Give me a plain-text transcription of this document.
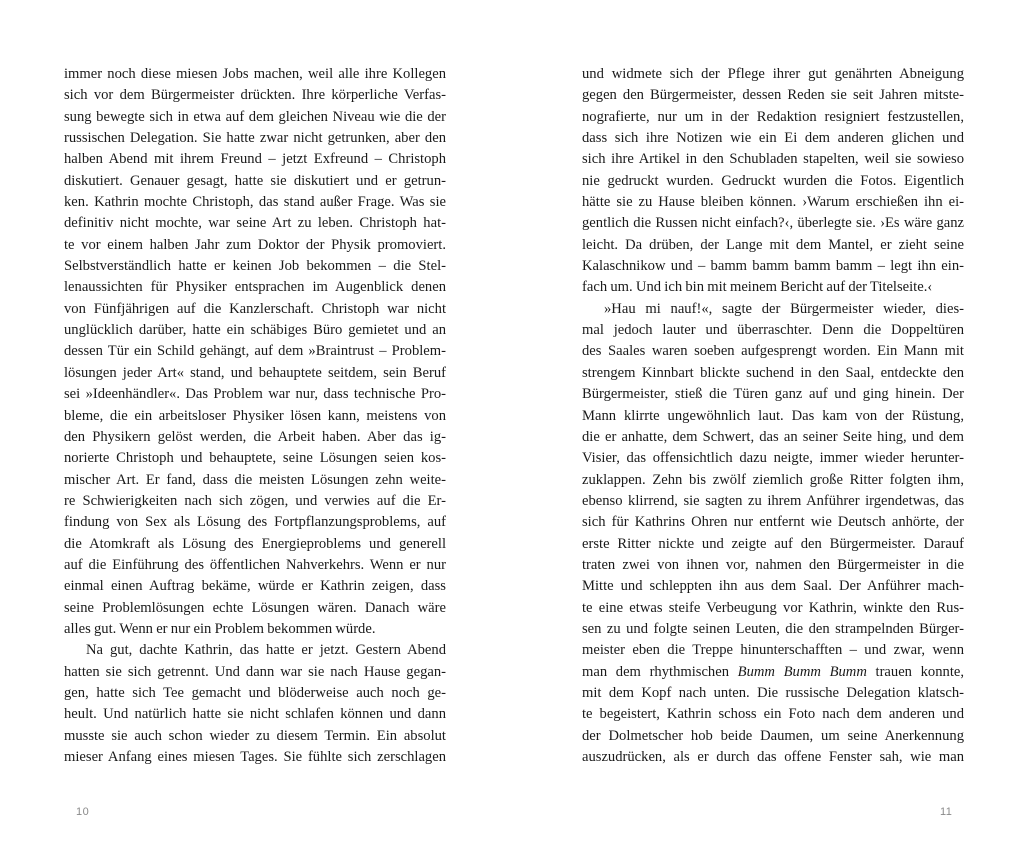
immer noch diese miesen Jobs machen, weil alle ihre Kollegen
sich vor dem Bürgermeister drückten. Ihre körperliche Verfas-
sung bewegte sich in etwa auf dem gleichen Niveau wie die der
russischen Delegation. Sie hatte zwar nicht getrunken, aber den
halben Abend mit ihrem Freund – jetzt Exfreund – Christoph
diskutiert. Genauer gesagt, hatte sie diskutiert und er getrun-
ken. Kathrin mochte Christoph, das stand außer Frage. Was sie
definitiv nicht mochte, war seine Art zu leben. Christoph hat-
te vor einem halben Jahr zum Doktor der Physik promoviert.
Selbstverständlich hatte er keinen Job bekommen – die Stel-
lenaussichten für Physiker entsprachen im Augenblick denen
von Fünfjährigen auf die Kanzlerschaft. Christoph war nicht
unglücklich darüber, hatte ein schäbiges Büro gemietet und an
dessen Tür ein Schild gehängt, auf dem »Braintrust – Problem-
lösungen jeder Art« stand, und behauptete seitdem, sein Beruf
sei »Ideenhändler«. Das Problem war nur, dass technische Pro-
bleme, die ein arbeitsloser Physiker lösen kann, meistens von
den Physikern gelöst werden, die Arbeit haben. Aber das ig-
norierte Christoph und behauptete, seine Lösungen seien kos-
mischer Art. Er fand, dass die meisten Lösungen zehn weite-
re Schwierigkeiten nach sich zögen, und verwies auf die Er-
findung von Sex als Lösung des Fortpflanzungsproblems, auf
die Atomkraft als Lösung des Energieproblems und generell
auf die Einführung des öffentlichen Nahverkehrs. Wenn er nur
einmal einen Auftrag bekäme, würde er Kathrin zeigen, dass
seine Problemlösungen echte Lösungen wären. Danach wäre
alles gut. Wenn er nur ein Problem bekommen würde.
Na gut, dachte Kathrin, das hatte er jetzt. Gestern Abend
hatten sie sich getrennt. Und dann war sie nach Hause gegan-
gen, hatte sich Tee gemacht und blöderweise auch noch ge-
heult. Und natürlich hatte sie nicht schlafen können und dann
musste sie auch schon wieder zu diesem Termin. Ein absolut
mieser Anfang eines miesen Tages. Sie fühlte sich zerschlagen
und widmete sich der Pflege ihrer gut genährten Abneigung
gegen den Bürgermeister, dessen Reden sie seit Jahren mitste-
nografierte, nur um in der Redaktion resigniert festzustellen,
dass sich ihre Notizen wie ein Ei dem anderen glichen und
sich ihre Artikel in den Schubladen stapelten, weil sie sowieso
nie gedruckt wurden. Gedruckt wurden die Fotos. Eigentlich
hätte sie zu Hause bleiben können. ›Warum erschießen ihn ei-
gentlich die Russen nicht einfach?‹, überlegte sie. ›Es wäre ganz
leicht. Da drüben, der Lange mit dem Mantel, er zieht seine
Kalaschnikow und – bamm bamm bamm bamm – legt ihn ein-
fach um. Und ich bin mit meinem Bericht auf der Titelseite.‹
»Hau mi nauf!«, sagte der Bürgermeister wieder, dies-
mal jedoch lauter und überraschter. Denn die Doppeltüren
des Saales waren soeben aufgesprengt worden. Ein Mann mit
strengem Kinnbart blickte suchend in den Saal, entdeckte den
Bürgermeister, stieß die Türen ganz auf und ging hinein. Der
Mann klirrte ungewöhnlich laut. Das kam von der Rüstung,
die er anhatte, dem Schwert, das an seiner Seite hing, und dem
Visier, das offensichtlich dazu neigte, immer wieder herunter-
zuklappen. Zehn bis zwölf ziemlich große Ritter folgten ihm,
ebenso klirrend, sie sagten zu ihrem Anführer irgendetwas, das
sich für Kathrins Ohren nur entfernt wie Deutsch anhörte, der
erste Ritter nickte und zeigte auf den Bürgermeister. Darauf
traten zwei von ihnen vor, nahmen den Bürgermeister in die
Mitte und schleppten ihn aus dem Saal. Der Anführer mach-
te eine etwas steife Verbeugung vor Kathrin, winkte den Rus-
sen zu und folgte seinen Leuten, die den strampelnden Bürger-
meister eben die Treppe hinunterschafften – und zwar, wenn
man dem rhythmischen Bumm Bumm Bumm trauen konnte,
mit dem Kopf nach unten. Die russische Delegation klatsch-
te begeistert, Kathrin schoss ein Foto nach dem anderen und
der Dolmetscher hob beide Daumen, um seine Anerkennung
auszudrücken, als er durch das offene Fenster sah, wie man
10	11
